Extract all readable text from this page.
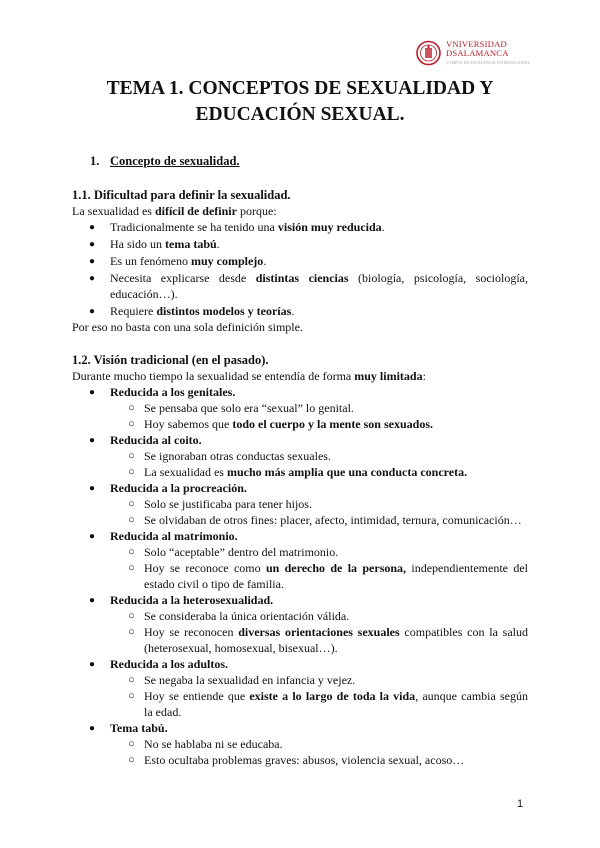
VNIVERSIDAD
DSALAMANCA
CAMPUS DE EXCELENCIA INTERNACIONAL
TEMA 1. CONCEPTOS DE SEXUALIDAD Y
EDUCACIÓN SEXUAL.
1. Concepto de sexualidad.
1.1. Dificultad para definir la sexualidad.
La sexualidad es difícil de definir porque:
● Tradicionalmente se ha tenido una visión muy reducida.
● Ha sido un tema tabú.
● Es un fenómeno muy complejo.
● Necesita explicarse desde distintas ciencias (biología, psicología, sociología,
educación…).
● Requiere distintos modelos y teorías.
Por eso no basta con una sola definición simple.
1.2. Visión tradicional (en el pasado).
Durante mucho tiempo la sexualidad se entendía de forma muy limitada:
● Reducida a los genitales.
○ Se pensaba que solo era “sexual” lo genital.
○ Hoy sabemos que todo el cuerpo y la mente son sexuados.
● Reducida al coito.
○ Se ignoraban otras conductas sexuales.
○ La sexualidad es mucho más amplia que una conducta concreta.
● Reducida a la procreación.
○ Solo se justificaba para tener hijos.
○ Se olvidaban de otros fines: placer, afecto, intimidad, ternura, comunicación…
● Reducida al matrimonio.
○ Solo “aceptable” dentro del matrimonio.
○ Hoy se reconoce como un derecho de la persona, independientemente del
estado civil o tipo de familia.
● Reducida a la heterosexualidad.
○ Se consideraba la única orientación válida.
○ Hoy se reconocen diversas orientaciones sexuales compatibles con la salud
(heterosexual, homosexual, bisexual…).
● Reducida a los adultos.
○ Se negaba la sexualidad en infancia y vejez.
○ Hoy se entiende que existe a lo largo de toda la vida, aunque cambia según
la edad.
● Tema tabú.
○ No se hablaba ni se educaba.
○ Esto ocultaba problemas graves: abusos, violencia sexual, acoso…
1
